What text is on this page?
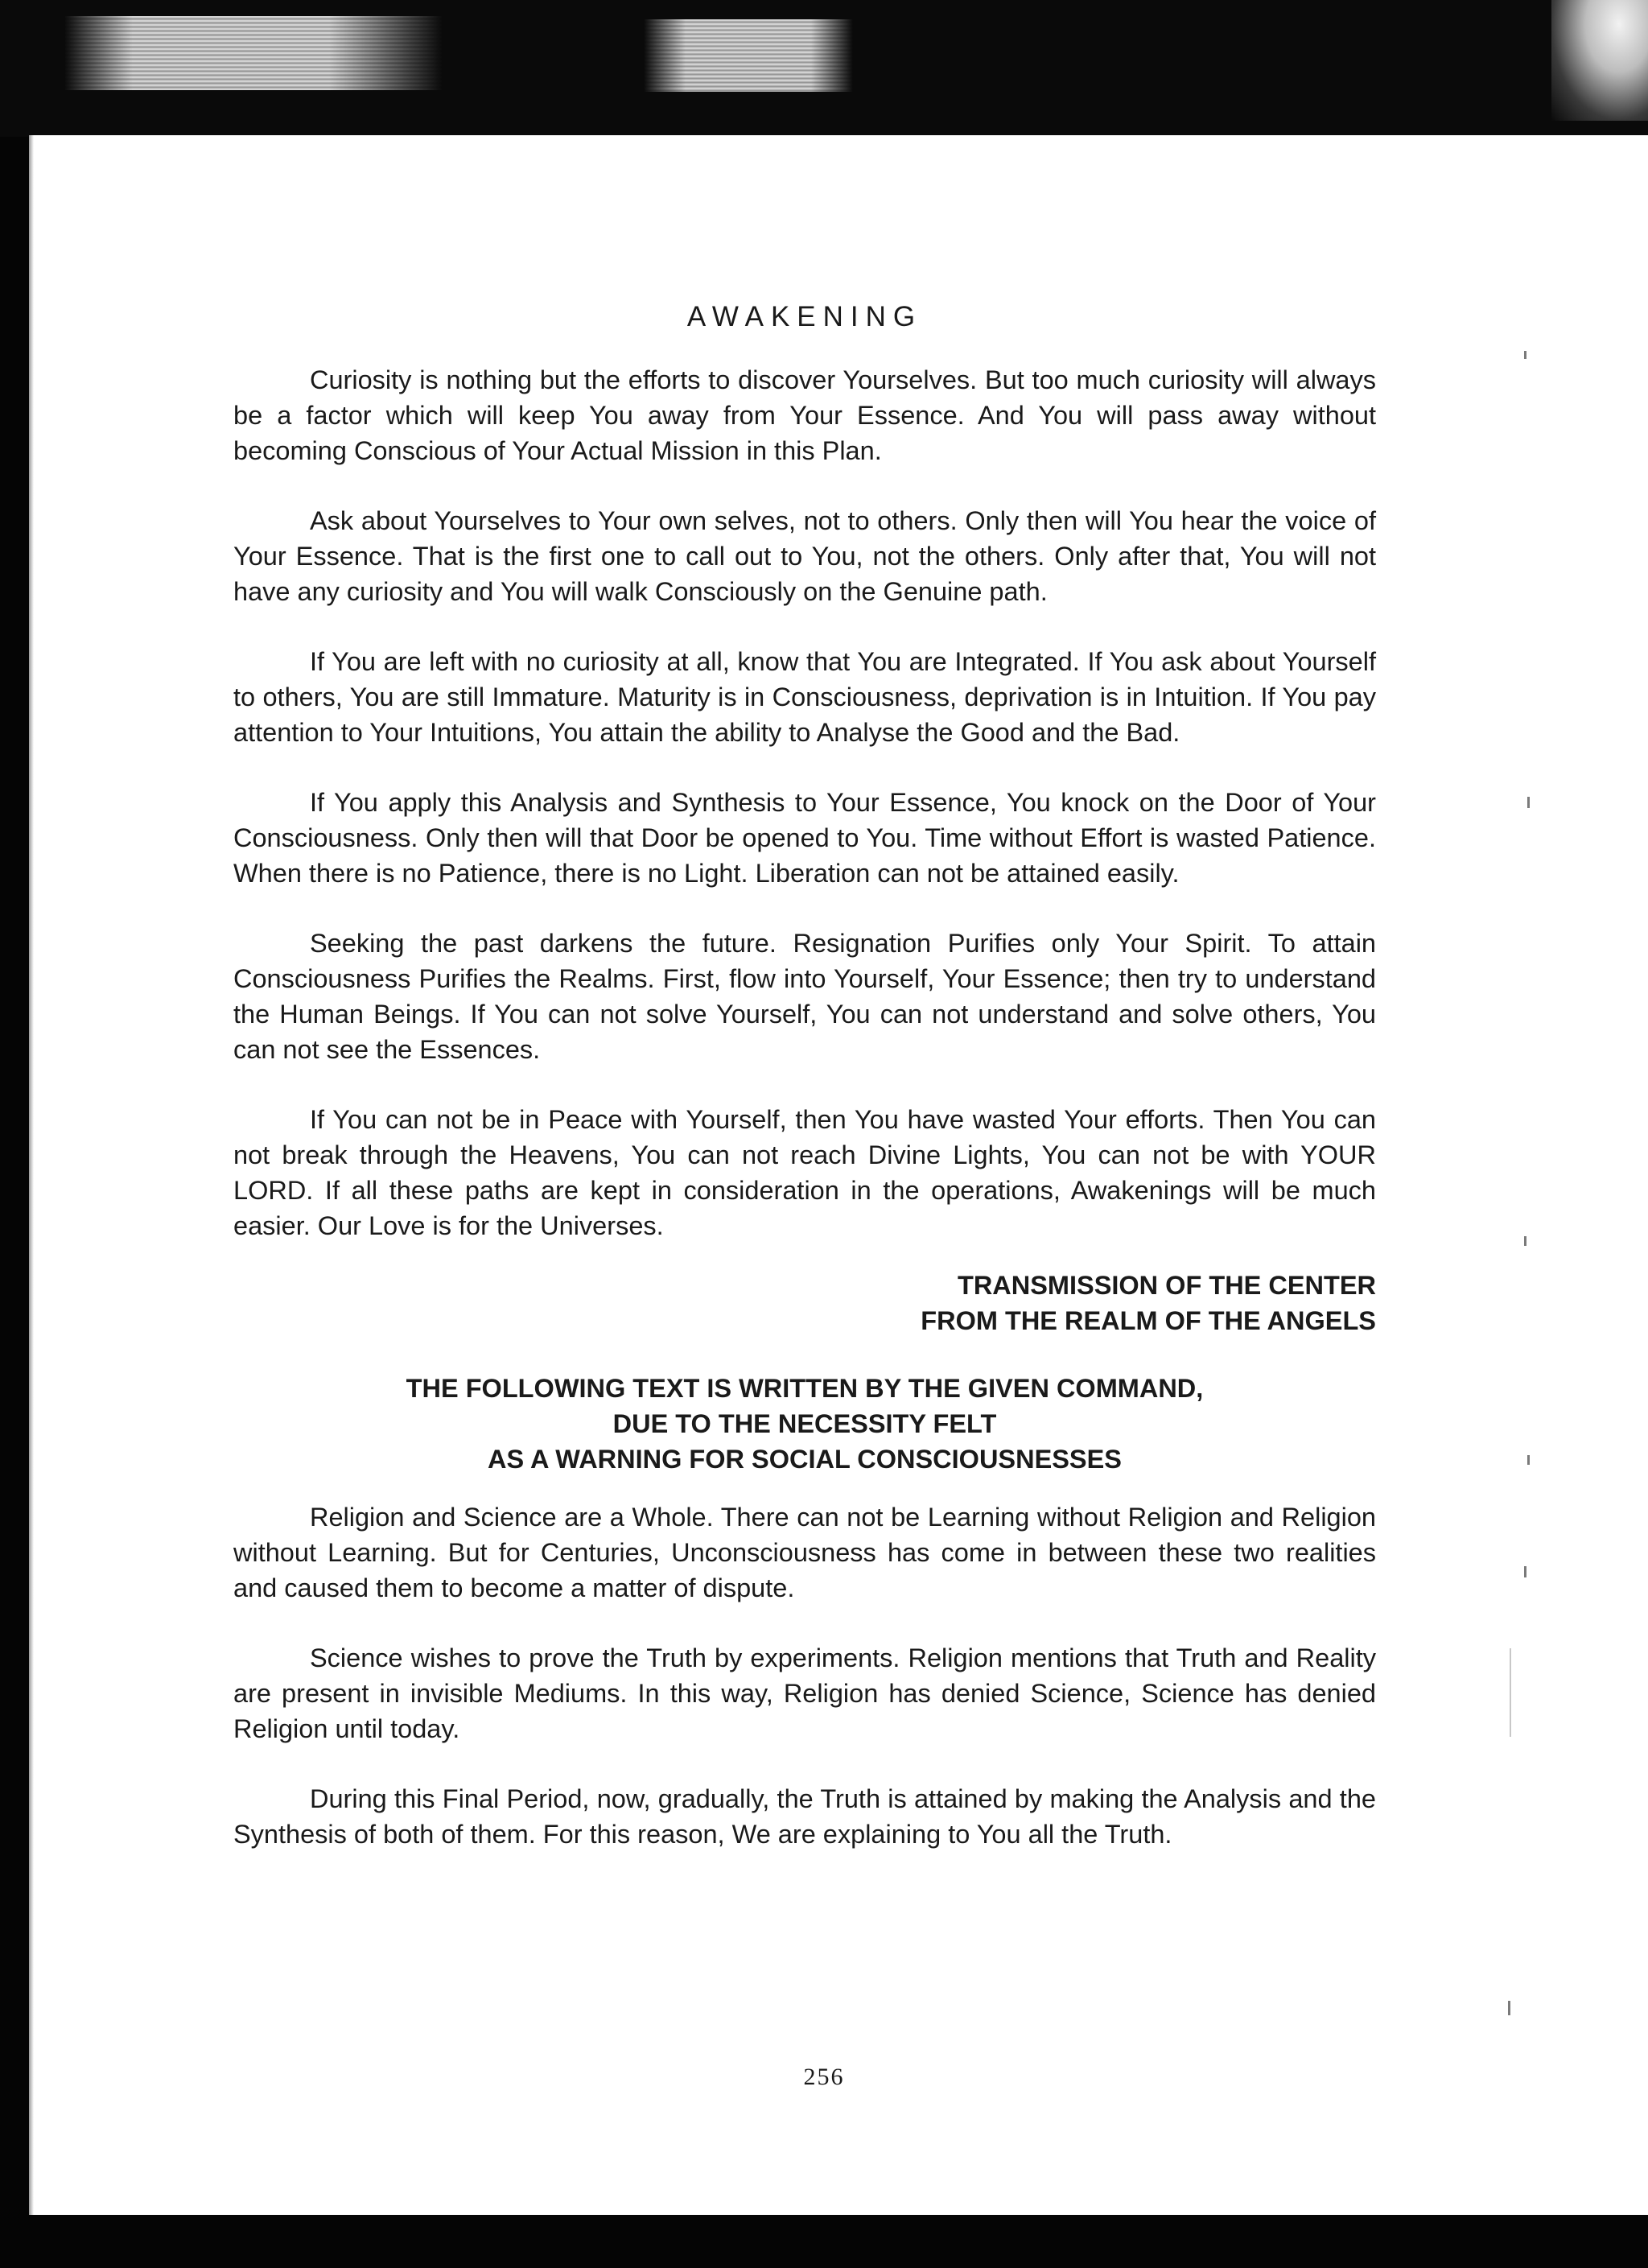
AWAKENING

Curiosity is nothing but the efforts to discover Yourselves. But too much curiosity will always be a factor which will keep You away from Your Essence. And You will pass away without becoming Conscious of Your Actual Mission in this Plan.

Ask about Yourselves to Your own selves, not to others. Only then will You hear the voice of Your Essence. That is the first one to call out to You, not the others. Only after that, You will not have any curiosity and You will walk Consciously on the Genuine path.

If You are left with no curiosity at all, know that You are Integrated. If You ask about Yourself to others, You are still Immature. Maturity is in Consciousness, deprivation is in Intuition. If You pay attention to Your Intuitions, You attain the ability to Analyse the Good and the Bad.

If You apply this Analysis and Synthesis to Your Essence, You knock on the Door of Your Consciousness. Only then will that Door be opened to You. Time without Effort is wasted Patience. When there is no Patience, there is no Light. Liberation can not be attained easily.

Seeking the past darkens the future. Resignation Purifies only Your Spirit. To attain Consciousness Purifies the Realms. First, flow into Yourself, Your Essence; then try to understand the Human Beings. If You can not solve Yourself, You can not understand and solve others, You can not see the Essences.

If You can not be in Peace with Yourself, then You have wasted Your efforts. Then You can not break through the Heavens, You can not reach Divine Lights, You can not be with YOUR LORD. If all these paths are kept in consideration in the operations, Awakenings will be much easier. Our Love is for the Universes.

TRANSMISSION OF THE CENTER
FROM THE REALM OF THE ANGELS
THE FOLLOWING TEXT IS WRITTEN BY THE GIVEN COMMAND,
DUE TO THE NECESSITY FELT
AS A WARNING FOR SOCIAL CONSCIOUSNESSES

Religion and Science are a Whole. There can not be Learning without Religion and Religion without Learning. But for Centuries, Unconsciousness has come in between these two realities and caused them to become a matter of dispute.

Science wishes to prove the Truth by experiments. Religion mentions that Truth and Reality are present in invisible Mediums. In this way, Religion has denied Science, Science has denied Religion until today.

During this Final Period, now, gradually, the Truth is attained by making the Analysis and the Synthesis of both of them. For this reason, We are explaining to You all the Truth.

256
